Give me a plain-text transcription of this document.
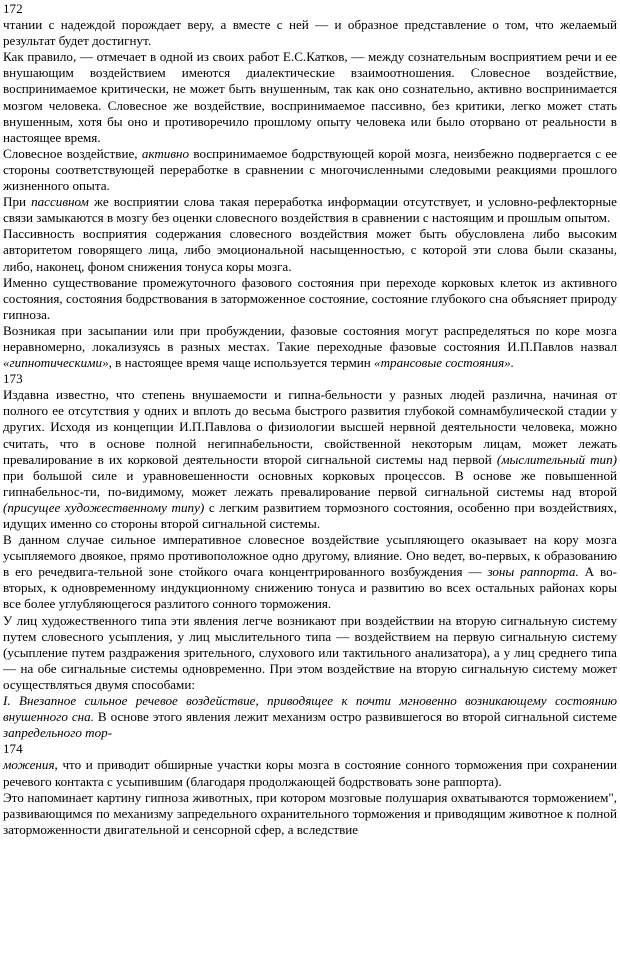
172

чтании с надеждой порождает веру, а вместе с ней — и образное представление о том, что желаемый результат будет достигнут.

Как правило, — отмечает в одной из своих работ Е.С.Катков, — между сознательным восприятием речи и ее внушающим воздействием имеются диалектические взаимоотношения. Словесное воздействие, воспринимаемое критически, не может быть внушенным, так как оно сознательно, активно воспринимается мозгом человека. Словесное же воздействие, воспринимаемое пассивно, без критики, легко может стать внушенным, хотя бы оно и противоречило прошлому опыту человека или было оторвано от реальности в настоящее время.

Словесное воздействие, активно воспринимаемое бодрствующей корой мозга, неизбежно подвергается с ее стороны соответствующей переработке в сравнении с многочисленными следовыми реакциями прошлого жизненного опыта.

При пассивном же восприятии слова такая переработка информации отсутствует, и условно-рефлекторные связи замыкаются в мозгу без оценки словесного воздействия в сравнении с настоящим и прошлым опытом.

Пассивность восприятия содержания словесного воздействия может быть обусловлена либо высоким авторитетом говорящего лица, либо эмоциональной насыщенностью, с которой эти слова были сказаны, либо, наконец, фоном снижения тонуса коры мозга.

Именно существование промежуточного фазового состояния при переходе корковых клеток из активного состояния, состояния бодрствования в заторможенное состояние, состояние глубокого сна объясняет природу гипноза.

Возникая при засыпании или при пробуждении, фазовые состояния могут распределяться по коре мозга неравномерно, локализуясь в разных местах. Такие переходные фазовые состояния И.П.Павлов назвал «гипнотическими», в настоящее время чаще используется термин «трансовые состояния».

173

Издавна известно, что степень внушаемости и гипна-бельности у разных людей различна, начиная от полного ее отсутствия у одних и вплоть до весьма быстрого развития глубокой сомнамбулической стадии у других. Исходя из концепции И.П.Павлова о физиологии высшей нервной деятельности человека, можно считать, что в основе полной негипнабельности, свойственной некоторым лицам, может лежать превалирование в их корковой деятельности второй сигнальной системы над первой (мыслительный тип) при большой силе и уравновешенности основных корковых процессов. В основе же повышенной гипнабельнос-ти, по-видимому, может лежать превалирование первой сигнальной системы над второй (присущее художественному типу) с легким развитием тормозного состояния, особенно при воздействиях, идущих именно со стороны второй сигнальной системы.

В данном случае сильное императивное словесное воздействие усыпляющего оказывает на кору мозга усыпляемого двоякое, прямо противоположное одно другому, влияние. Оно ведет, во-первых, к образованию в его речедвига-тельной зоне стойкого очага концентрированного возбуждения — зоны раппорта. А во-вторых, к одновременному индукционному снижению тонуса и развитию во всех остальных районах коры все более углубляющегося разлитого сонного торможения.

У лиц художественного типа эти явления легче возникают при воздействии на вторую сигнальную систему путем словесного усыпления, у лиц мыслительного типа — воздействием на первую сигнальную систему (усыпление путем раздражения зрительного, слухового или тактильного анализатора), а у лиц среднего типа — на обе сигнальные системы одновременно. При этом воздействие на вторую сигнальную систему может осуществляться двумя способами:

I. Внезапное сильное речевое воздействие, приводящее к почти мгновенно возникающему состоянию внушенного сна. В основе этого явления лежит механизм остро развившегося во второй сигнальной системе запредельного тор-

174

можения, что и приводит обширные участки коры мозга в состояние сонного торможения при сохранении речевого контакта с усыпившим (благодаря продолжающей бодрствовать зоне раппорта).

Это напоминает картину гипноза животных, при котором мозговые полушария охватываются торможением", развивающимся по механизму запредельного охранительного торможения и приводящим животное к полной заторможенности двигательной и сенсорной сфер, а вследствие
